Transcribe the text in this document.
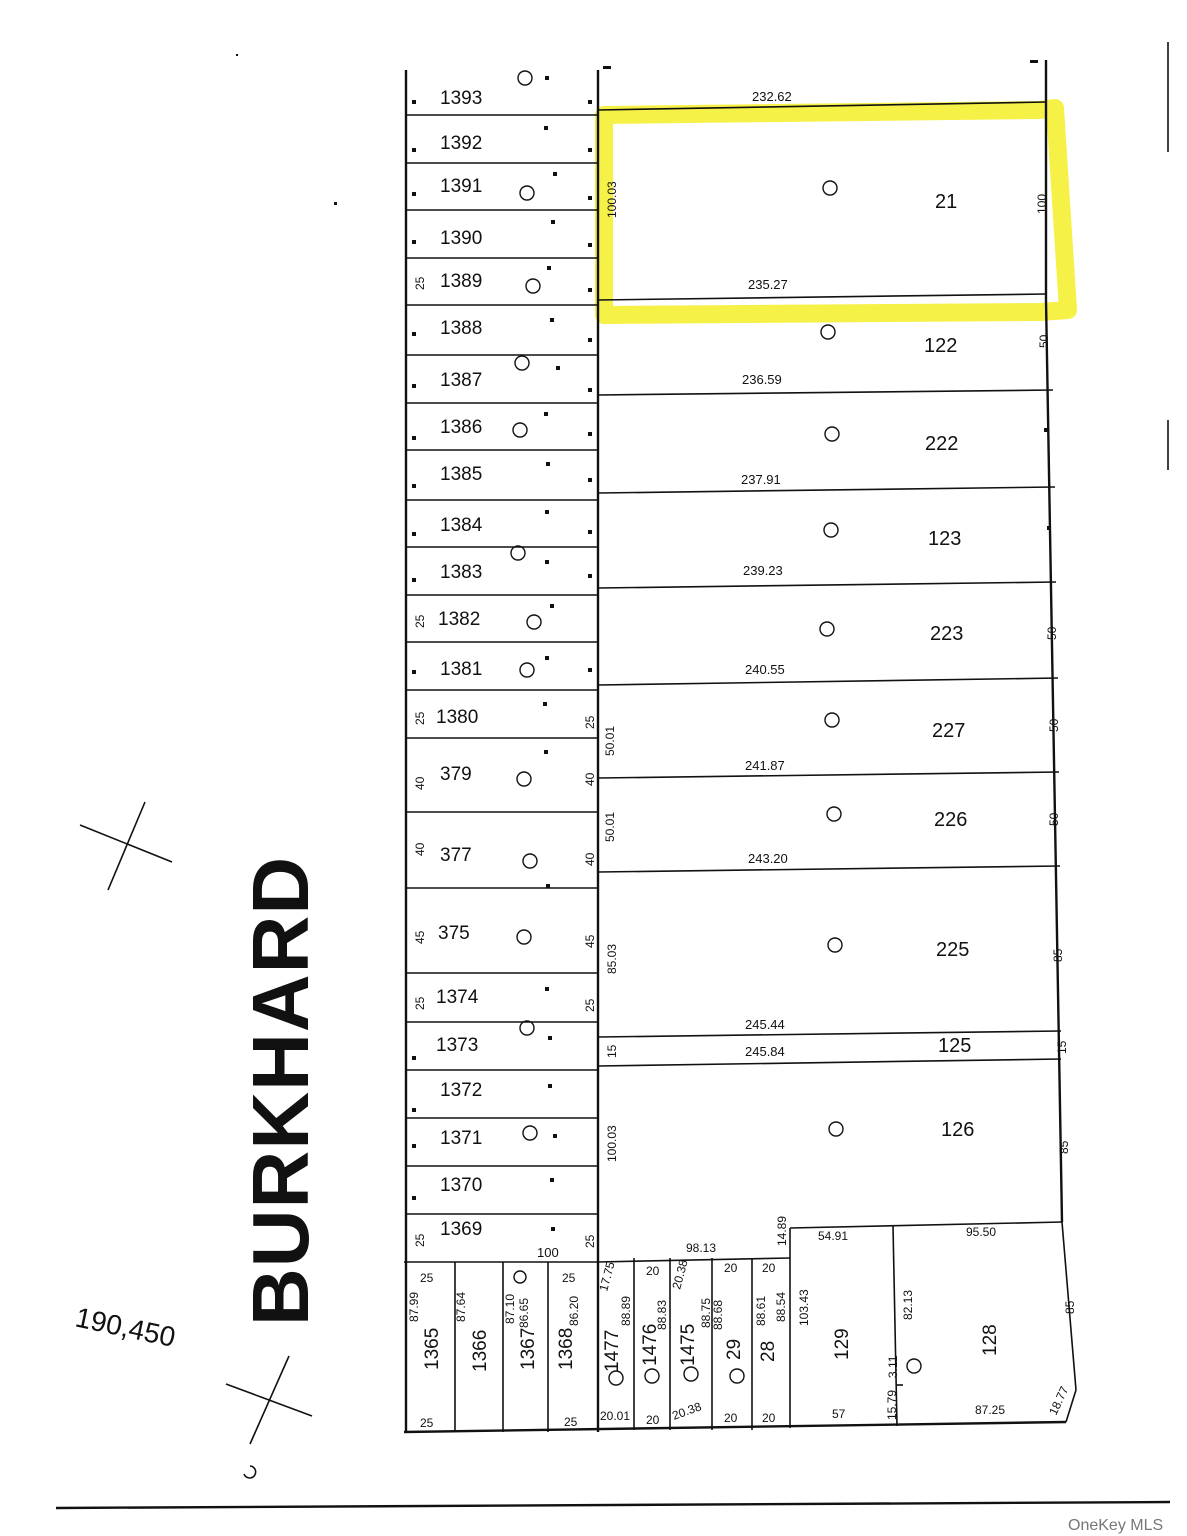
1393
1392
1391
1390
1389
1388
1387
1386
1385
1384
1383
1382
1381
1380
379
377
375
1374
1373
1372
1371
1370
1369
25
25
25	25
40	40
40
40
45	45
25	25
25	25
100
232.62
100.03	21	100
235.27
122	50
236.59
222
237.91
123
239.23
223	50
240.55
50.01	227	50
241.87
50.01	226	50
243.20
85.03	225	85
245.44
15	125	15
245.84
100.03	126
85
25
87.99
1365
25
87.64
1366
87.10 86.65
1367
25
86.20
1368
25
17.75
88.89
1477
20.01
20
88.83
1476
20
20.38
88.75
1475
20.38
20
88.68
29
20
20
88.61 88.54
28
20
98.13
14.89 54.91
103.43
129
57
95.50
82.13
3.11
128
85
87.25
15.79	18.77
BURKHARD
190,450
OneKey MLS
